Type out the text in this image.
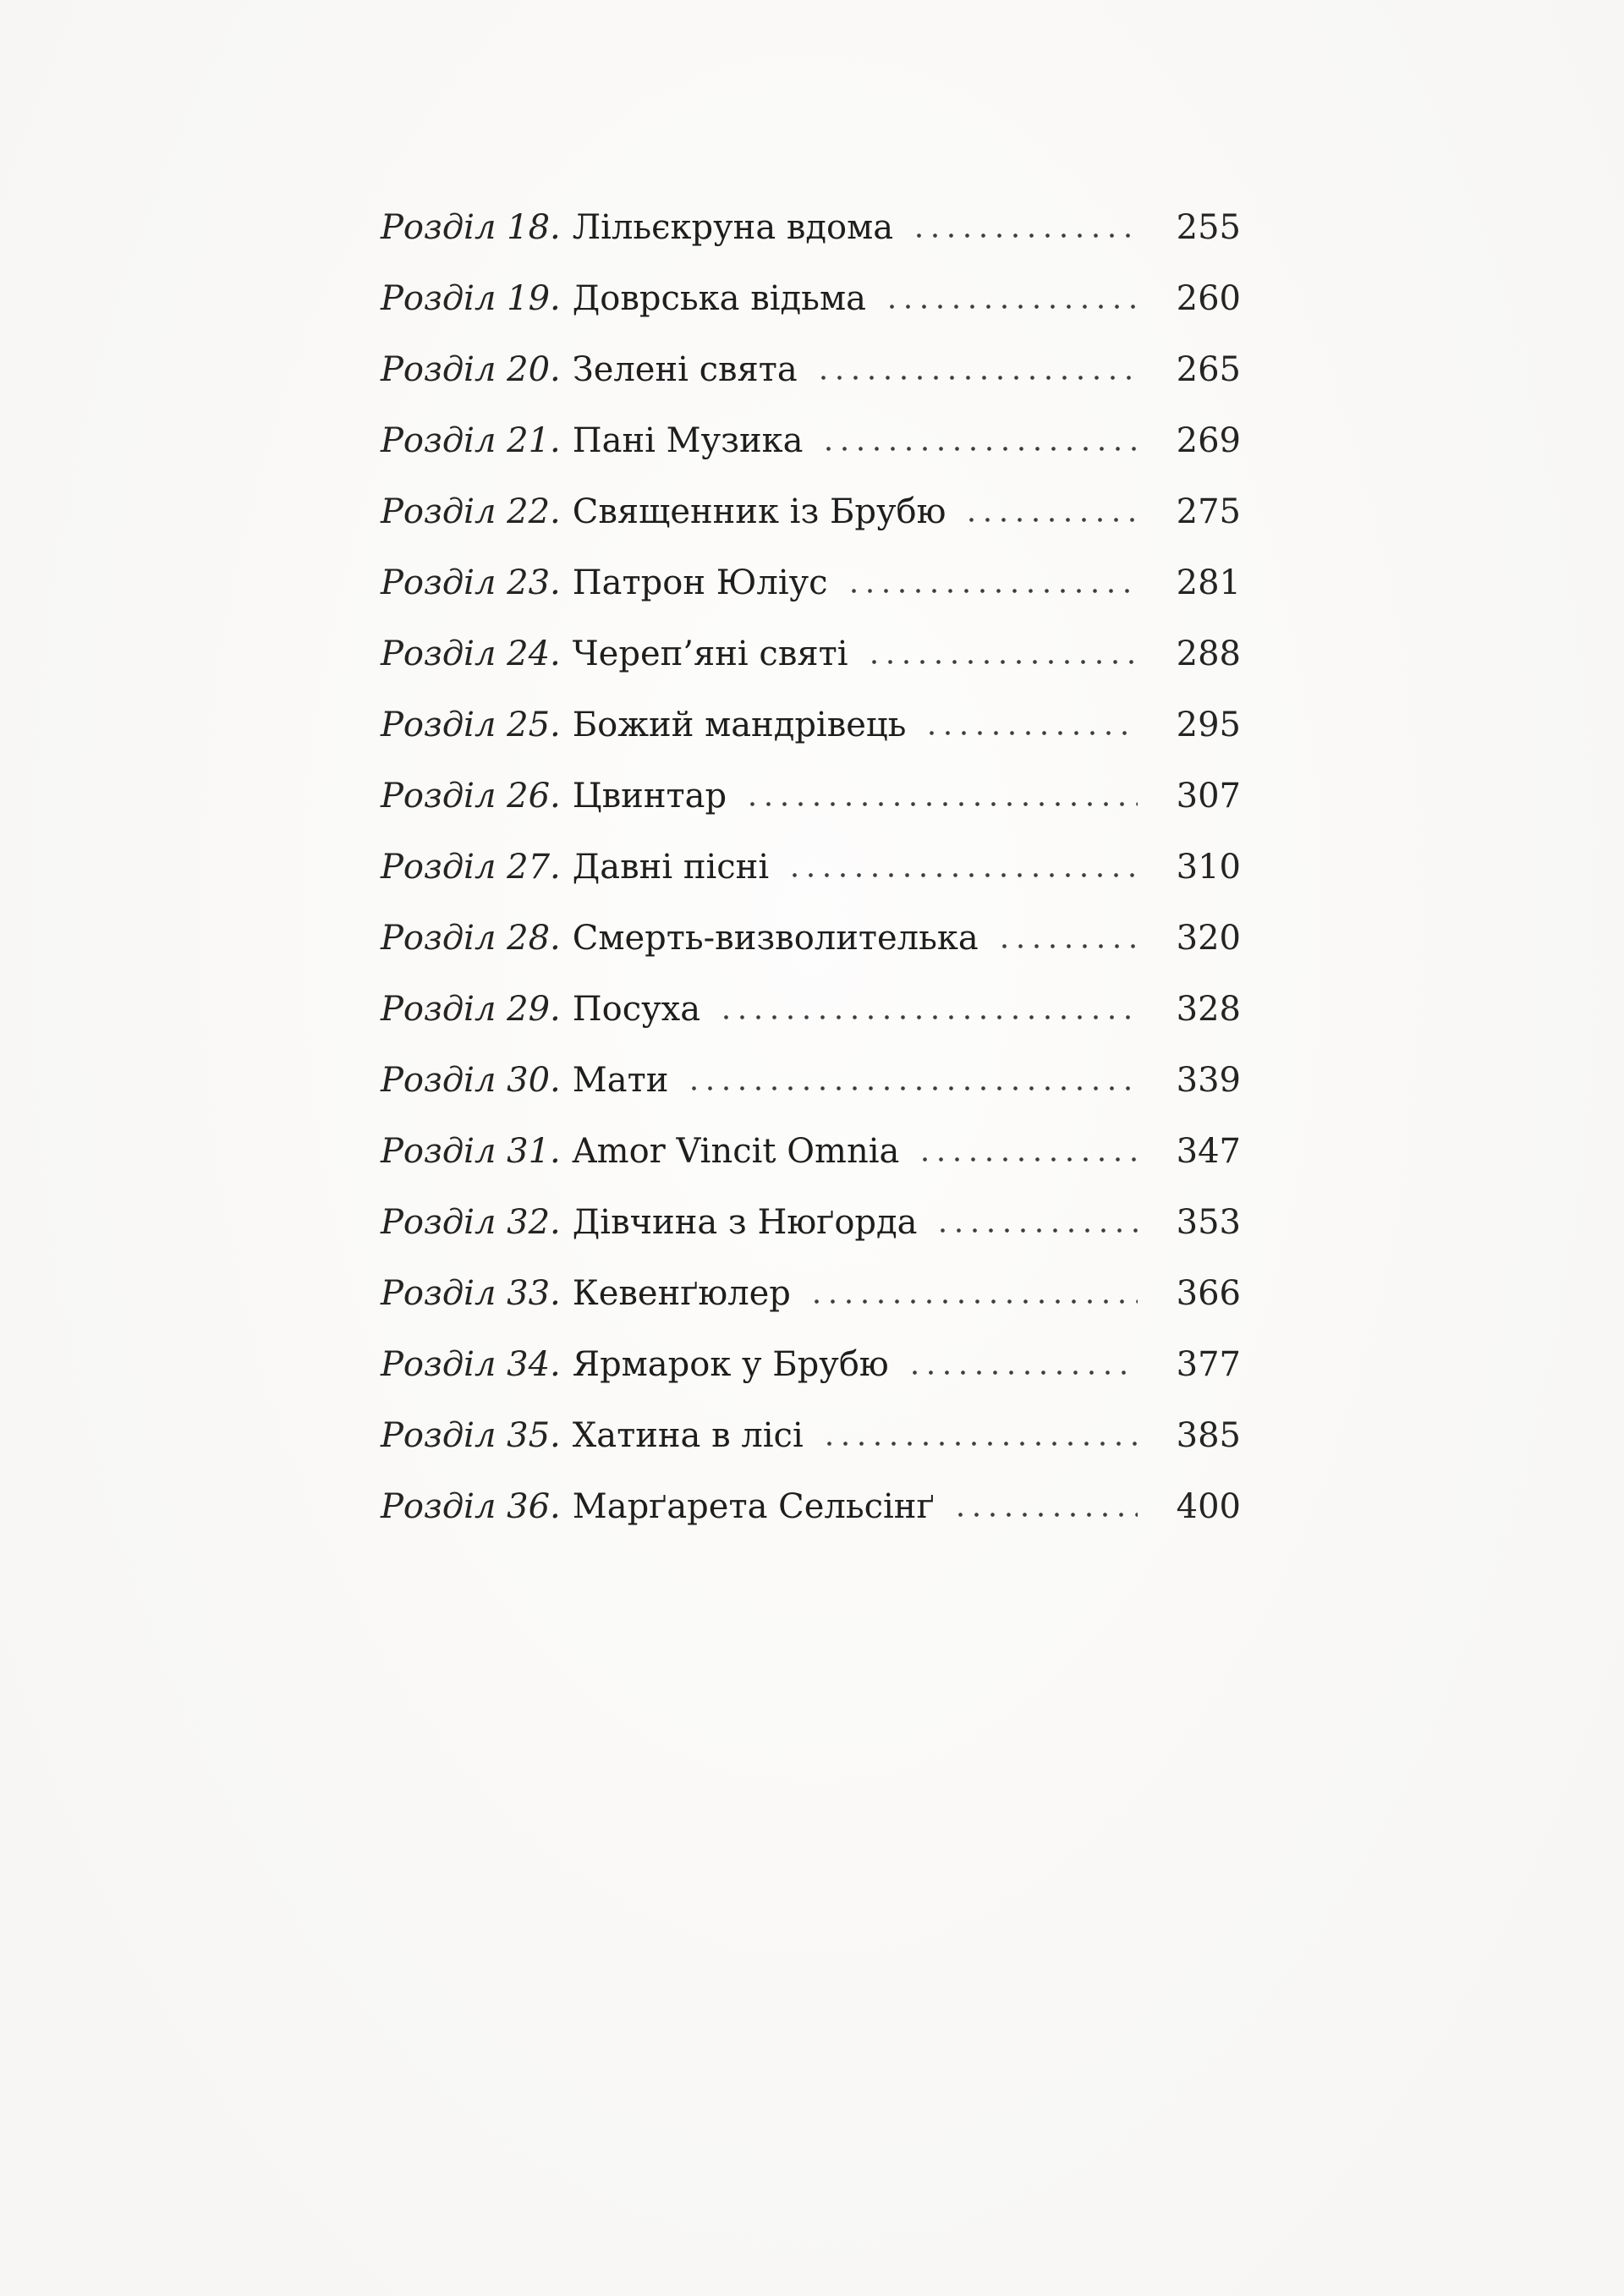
Розділ 18. Лільєкруна вдома	255
Розділ 19. Доврська відьма	260
Розділ 20. Зелені свята	265
Розділ 21. Пані Музика	269
Розділ 22. Священник із Брубю	275
Розділ 23. Патрон Юліус	281
Розділ 24. Череп’яні святі	288
Розділ 25. Божий мандрівець	295
Розділ 26. Цвинтар	307
Розділ 27. Давні пісні	310
Розділ 28. Смерть-визволителька	320
Розділ 29. Посуха	328
Розділ 30. Мати	339
Розділ 31. Amor Vincit Omnia	347
Розділ 32. Дівчина з Нюґорда	353
Розділ 33. Кевенґюлер	366
Розділ 34. Ярмарок у Брубю	377
Розділ 35. Хатина в лісі	385
Розділ 36. Марґарета Сельсінґ	400
